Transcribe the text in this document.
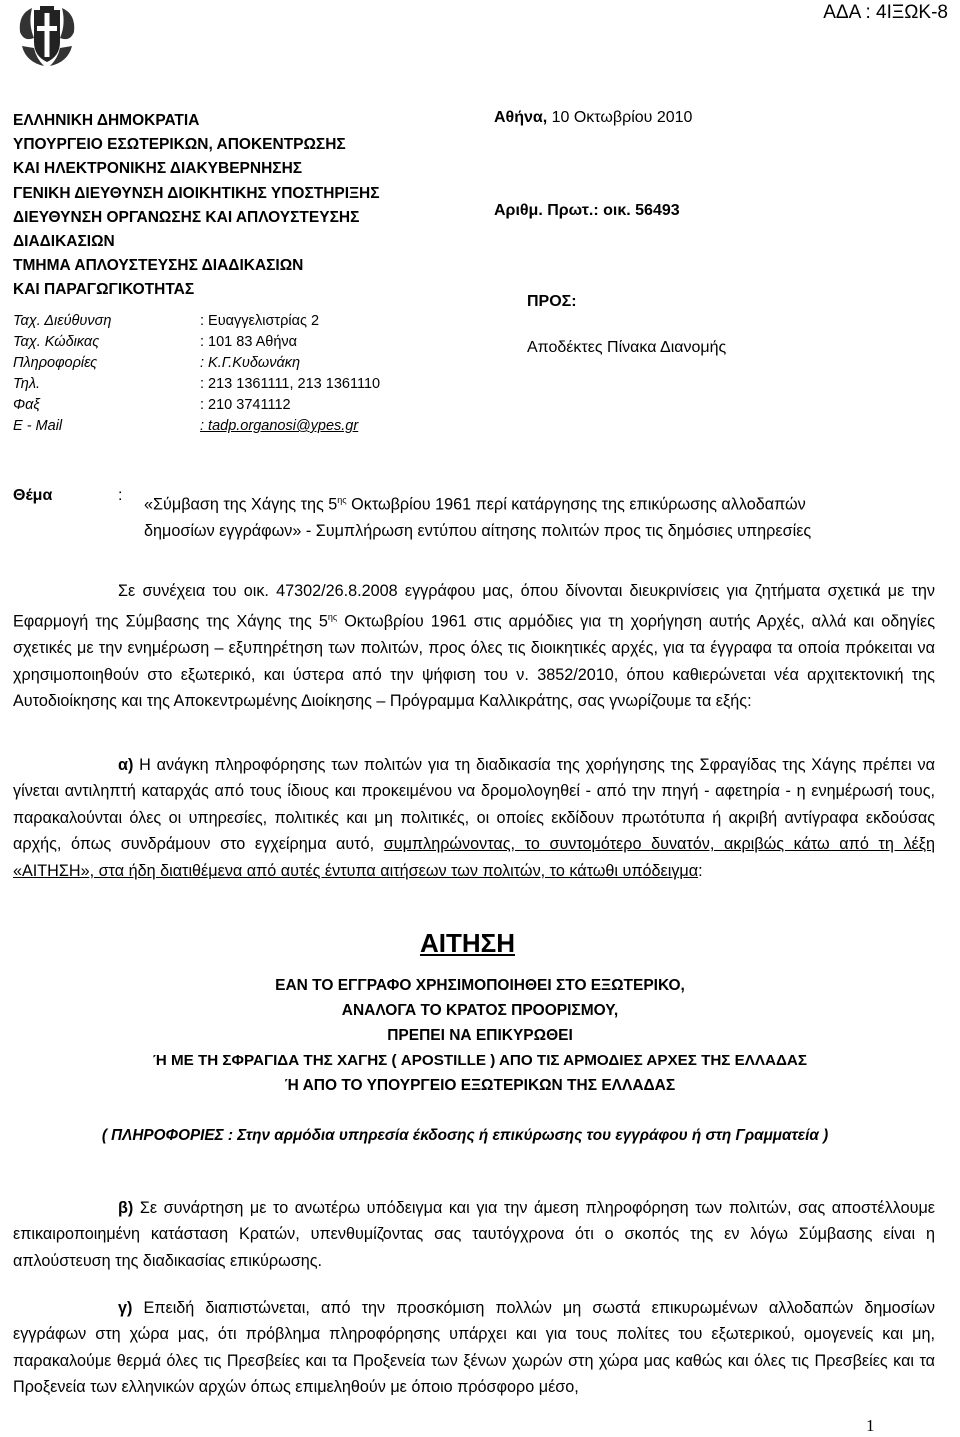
ΑΔΑ : 4ΙΞΩΚ-8
ΕΛΛΗΝΙΚΗ ΔΗΜΟΚΡΑΤΙΑ
ΥΠΟΥΡΓΕΙΟ ΕΣΩΤΕΡΙΚΩΝ, ΑΠΟΚΕΝΤΡΩΣΗΣ
ΚΑΙ ΗΛΕΚΤΡΟΝΙΚΗΣ ΔΙΑΚΥΒΕΡΝΗΣΗΣ
ΓΕΝΙΚΗ ΔΙΕΥΘΥΝΣΗ ΔΙΟΙΚΗΤΙΚΗΣ ΥΠΟΣΤΗΡΙΞΗΣ
ΔΙΕΥΘΥΝΣΗ ΟΡΓΑΝΩΣΗΣ ΚΑΙ ΑΠΛΟΥΣΤΕΥΣΗΣ
ΔΙΑΔΙΚΑΣΙΩΝ
ΤΜΗΜΑ ΑΠΛΟΥΣΤΕΥΣΗΣ ΔΙΑΔΙΚΑΣΙΩΝ
ΚΑΙ ΠΑΡΑΓΩΓΙΚΟΤΗΤΑΣ
Ταχ. Διεύθυνση	: Ευαγγελιστρίας 2
Ταχ. Κώδικας	: 101 83 Αθήνα
Πληροφορίες	: Κ.Γ.Κυδωνάκη
Τηλ.	: 213 1361111, 213 1361110
Φαξ	: 210 3741112
E - Mail	: tadp.organosi@ypes.gr
Αθήνα, 10 Οκτωβρίου 2010
Αριθμ. Πρωτ.: οικ. 56493
ΠΡΟΣ:
Αποδέκτες Πίνακα Διανομής
Θέμα	: «Σύμβαση της Χάγης της $5^{\eta\varsigma}$ Οκτωβρίου 1961 περί κατάργησης της επικύρωσης αλλοδαπών
δημοσίων εγγράφων» - Συμπλήρωση εντύπου αίτησης πολιτών προς τις δημόσιες υπηρεσίες
Σε συνέχεια του οικ. 47302/26.8.2008 εγγράφου μας, όπου δίνονται διευκρινίσεις για ζητήματα σχετικά με την Εφαρμογή της Σύμβασης της Χάγης της $5^{\eta\varsigma}$ Οκτωβρίου 1961 στις αρμόδιες για τη χορήγηση αυτής Αρχές, αλλά και οδηγίες σχετικές με την ενημέρωση – εξυπηρέτηση των πολιτών, προς όλες τις διοικητικές αρχές, για τα έγγραφα τα οποία πρόκειται να χρησιμοποιηθούν στο εξωτερικό, και ύστερα από την ψήφιση του ν. 3852/2010, όπου καθιερώνεται νέα αρχιτεκτονική της Αυτοδιοίκησης και της Αποκεντρωμένης Διοίκησης – Πρόγραμμα Καλλικράτης, σας γνωρίζουμε τα εξής:
α) Η ανάγκη πληροφόρησης των πολιτών για τη διαδικασία της χορήγησης της Σφραγίδας της Χάγης πρέπει να γίνεται αντιληπτή καταρχάς από τους ίδιους και προκειμένου να δρομολογηθεί - από την πηγή - αφετηρία - η ενημέρωσή τους, παρακαλούνται όλες οι υπηρεσίες, πολιτικές και μη πολιτικές, οι οποίες εκδίδουν πρωτότυπα ή ακριβή αντίγραφα εκδούσας αρχής, όπως συνδράμουν στο εγχείρημα αυτό, συμπληρώνοντας, το συντομότερο δυνατόν, ακριβώς κάτω από τη λέξη «ΑΙΤΗΣΗ», στα ήδη διατιθέμενα από αυτές έντυπα αιτήσεων των πολιτών, το κάτωθι υπόδειγμα:
ΑΙΤΗΣΗ
ΕΑΝ ΤΟ ΕΓΓΡΑΦΟ ΧΡΗΣΙΜΟΠΟΙΗΘΕΙ ΣΤΟ ΕΞΩΤΕΡΙΚΟ,
ΑΝΑΛΟΓΑ ΤΟ ΚΡΑΤΟΣ ΠΡΟΟΡΙΣΜΟΥ,
ΠΡΕΠΕΙ ΝΑ ΕΠΙΚΥΡΩΘΕΙ
Ή ΜΕ ΤΗ ΣΦΡΑΓΙΔΑ ΤΗΣ ΧΑΓΗΣ ( APOSTILLE ) ΑΠΟ ΤΙΣ ΑΡΜΟΔΙΕΣ ΑΡΧΕΣ ΤΗΣ ΕΛΛΑΔΑΣ
Ή ΑΠΟ ΤΟ ΥΠΟΥΡΓΕΙΟ ΕΞΩΤΕΡΙΚΩΝ ΤΗΣ ΕΛΛΑΔΑΣ
( ΠΛΗΡΟΦΟΡΙΕΣ : Στην αρμόδια υπηρεσία έκδοσης ή επικύρωσης του εγγράφου ή στη Γραμματεία )
β) Σε συνάρτηση με το ανωτέρω υπόδειγμα και για την άμεση πληροφόρηση των πολιτών, σας αποστέλλουμε επικαιροποιημένη κατάσταση Κρατών, υπενθυμίζοντας σας ταυτόγχρονα ότι ο σκοπός της εν λόγω Σύμβασης είναι η απλούστευση της διαδικασίας επικύρωσης.
γ) Επειδή διαπιστώνεται, από την προσκόμιση πολλών μη σωστά επικυρωμένων αλλοδαπών δημοσίων εγγράφων στη χώρα μας, ότι πρόβλημα πληροφόρησης υπάρχει και για τους πολίτες του εξωτερικού, ομογενείς και μη, παρακαλούμε θερμά όλες τις Πρεσβείες και τα Προξενεία των ξένων χωρών στη χώρα μας καθώς και όλες τις Πρεσβείες και τα Προξενεία των ελληνικών αρχών όπως επιμεληθούν με όποιο πρόσφορο μέσο,
1
